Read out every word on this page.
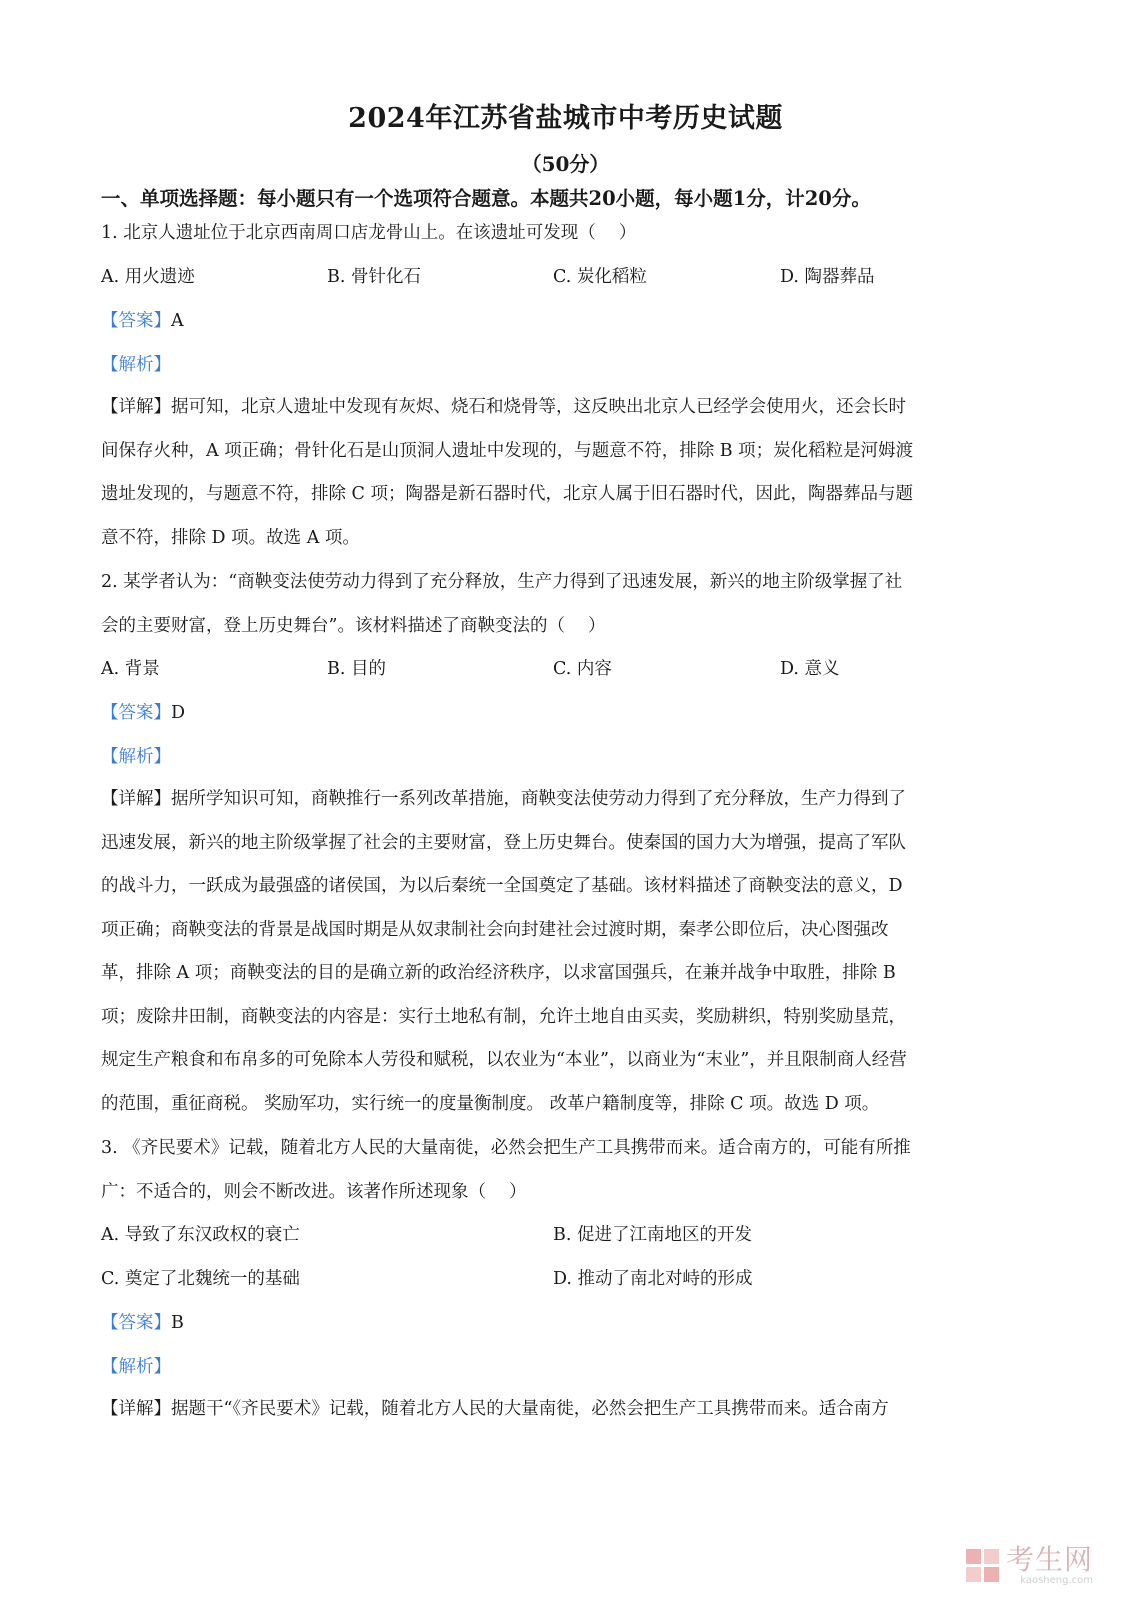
2024年江苏省盐城市中考历史试题
（50分）
一、单项选择题：每小题只有一个选项符合题意。本题共20小题，每小题1分，计20分。
1. 北京人遗址位于北京西南周口店龙骨山上。在该遗址可发现（　 ）
A. 用火遗迹	B. 骨针化石	C. 炭化稻粒	D. 陶器葬品
【答案】A
【解析】
【详解】据可知，北京人遗址中发现有灰烬、烧石和烧骨等，这反映出北京人已经学会使用火，还会长时
间保存火种，A 项正确；骨针化石是山顶洞人遗址中发现的，与题意不符，排除 B 项；炭化稻粒是河姆渡
遗址发现的，与题意不符，排除 C 项；陶器是新石器时代，北京人属于旧石器时代，因此，陶器葬品与题
意不符，排除 D 项。故选 A 项。
2. 某学者认为：“商鞅变法使劳动力得到了充分释放，生产力得到了迅速发展，新兴的地主阶级掌握了社
会的主要财富，登上历史舞台”。该材料描述了商鞅变法的（　 ）
A. 背景	B. 目的	C. 内容	D. 意义
【答案】D
【解析】
【详解】据所学知识可知，商鞅推行一系列改革措施，商鞅变法使劳动力得到了充分释放，生产力得到了
迅速发展，新兴的地主阶级掌握了社会的主要财富，登上历史舞台。使秦国的国力大为增强，提高了军队
的战斗力，一跃成为最强盛的诸侯国，为以后秦统一全国奠定了基础。该材料描述了商鞅变法的意义，D
项正确；商鞅变法的背景是战国时期是从奴隶制社会向封建社会过渡时期，秦孝公即位后，决心图强改
革，排除 A 项；商鞅变法的目的是确立新的政治经济秩序，以求富国强兵，在兼并战争中取胜，排除 B
项；废除井田制，商鞅变法的内容是：实行土地私有制，允许土地自由买卖，奖励耕织，特别奖励垦荒，
规定生产粮食和布帛多的可免除本人劳役和赋税，以农业为“本业”，以商业为“末业”，并且限制商人经营
的范围，重征商税。 奖励军功，实行统一的度量衡制度。 改革户籍制度等，排除 C 项。故选 D 项。
3. 《齐民要术》记载，随着北方人民的大量南徙，必然会把生产工具携带而来。适合南方的，可能有所推
广：不适合的，则会不断改进。该著作所述现象（　 ）
A. 导致了东汉政权的衰亡	B. 促进了江南地区的开发
C. 奠定了北魏统一的基础	D. 推动了南北对峙的形成
【答案】B
【解析】
【详解】据题干“《齐民要术》记载，随着北方人民的大量南徙，必然会把生产工具携带而来。适合南方
考生网
kaosheng.com
